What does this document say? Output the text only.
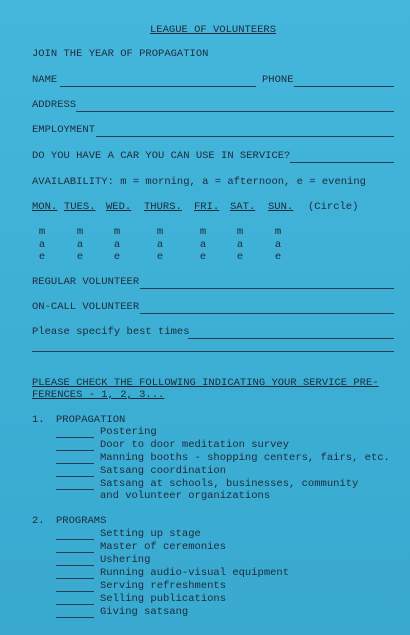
LEAGUE OF VOLUNTEERS
JOIN THE YEAR OF PROPAGATION
NAME	PHONE
ADDRESS
EMPLOYMENT
DO YOU HAVE A CAR YOU CAN USE IN SERVICE?
AVAILABILITY: m = morning, a = afternoon, e = evening
MON. TUES. WED. THURS. FRI. SAT. SUN. (Circle)
m
a
e
m
a
e
m
a
e
m
a
e
m
a
e
m
a
e
m
a
e
REGULAR VOLUNTEER
ON-CALL VOLUNTEER
Please specify best times
PLEASE CHECK THE FOLLOWING INDICATING YOUR SERVICE PRE-
FERENCES - 1, 2, 3...
1. PROPAGATION
Postering
Door to door meditation survey
Manning booths - shopping centers, fairs, etc.
Satsang coordination
Satsang at schools, businesses, community
and volunteer organizations
2. PROGRAMS
Setting up stage
Master of ceremonies
Ushering
Running audio-visual equipment
Serving refreshments
Selling publications
Giving satsang
